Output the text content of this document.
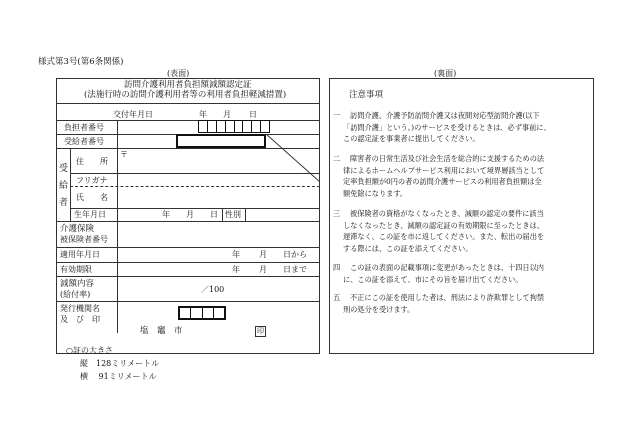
様式第3号(第6条関係)
(表面)
訪問介護利用者負担額減額認定証
(法施行時の訪問介護利用者等の利用者負担軽減措置)
交付年月日	年 月 日
負担者番号
受給者番号
受
給
者
住　　所
〒
フリガナ
氏　　名
生年月日	年 月 日 性別
介護保険
被保険者番号
適用年月日	年 月 日から
有効期限	年 月 日まで
減額内容
(給付率)
／100
発行機関名
及　び　印
塩　竈　市	印
○証の大きさ
縦　128ミリメートル
横　 91ミリメートル
(裏面)
注意事項
一 訪問介護、介護予防訪問介護又は夜間対応型訪問介護(以下
「訪問介護」という。)のサービスを受けるときは、必ず事前に、
この認定証を事業者に提出してください。
二 障害者の日常生活及び社会生活を総合的に支援するための法
律によるホームヘルプサービス利用において境界層該当として
定率負担額が0円の者の訪問介護サービスの利用者負担額は全
額免除になります。
三 被保険者の資格がなくなったとき、減額の認定の要件に該当
しなくなったとき、減額の認定証の有効期限に至ったときは、
遅滞なく、この証を市に返してください。また、転出の届出を
する際には、この証を添えてください。
四 この証の表面の記載事項に変更があったときは、十四日以内
に、この証を添えて、市にその旨を届け出てください。
五 不正にこの証を使用した者は、刑法により詐欺罪として拘禁
刑の処分を受けます。
